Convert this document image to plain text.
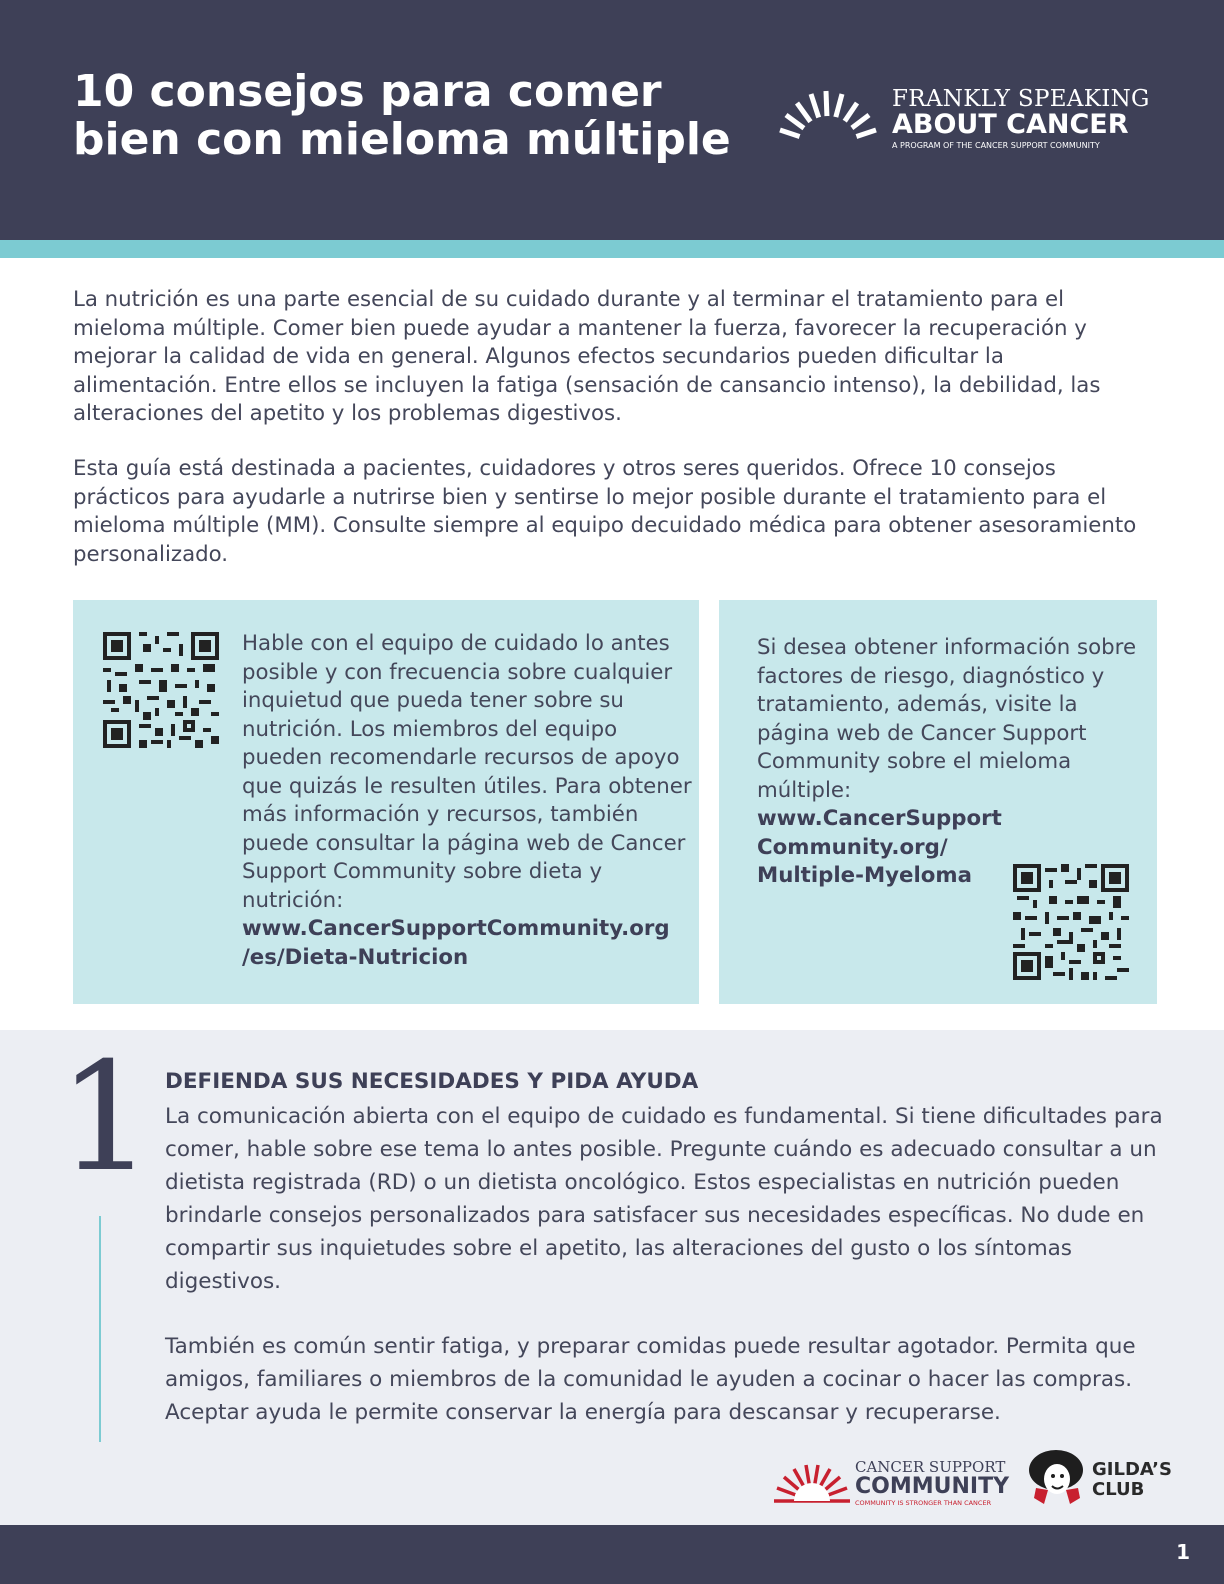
10 consejos para comer
bien con mieloma múltiple
FRANKLY SPEAKING
ABOUT CANCER
A PROGRAM OF THE CANCER SUPPORT COMMUNITY

La nutrición es una parte esencial de su cuidado durante y al terminar el tratamiento para el mieloma múltiple. Comer bien puede ayudar a mantener la fuerza, favorecer la recuperación y mejorar la calidad de vida en general. Algunos efectos secundarios pueden dificultar la alimentación. Entre ellos se incluyen la fatiga (sensación de cansancio intenso), la debilidad, las alteraciones del apetito y los problemas digestivos.

Esta guía está destinada a pacientes, cuidadores y otros seres queridos. Ofrece 10 consejos prácticos para ayudarle a nutrirse bien y sentirse lo mejor posible durante el tratamiento para el mieloma múltiple (MM). Consulte siempre al equipo decuidado médica para obtener asesoramiento personalizado.

Hable con el equipo de cuidado lo antes posible y con frecuencia sobre cualquier inquietud que pueda tener sobre su nutrición. Los miembros del equipo pueden recomendarle recursos de apoyo que quizás le resulten útiles. Para obtener más información y recursos, también puede consultar la página web de Cancer Support Community sobre dieta y nutrición:
www.CancerSupportCommunity.org
/es/Dieta-Nutricion

Si desea obtener información sobre factores de riesgo, diagnóstico y tratamiento, además, visite la página web de Cancer Support Community sobre el mieloma múltiple:
www.CancerSupport
Community.org/
Multiple-Myeloma

1 DEFIENDA SUS NECESIDADES Y PIDA AYUDA

La comunicación abierta con el equipo de cuidado es fundamental. Si tiene dificultades para comer, hable sobre ese tema lo antes posible. Pregunte cuándo es adecuado consultar a un dietista registrada (RD) o un dietista oncológico. Estos especialistas en nutrición pueden brindarle consejos personalizados para satisfacer sus necesidades específicas. No dude en compartir sus inquietudes sobre el apetito, las alteraciones del gusto o los síntomas digestivos.

También es común sentir fatiga, y preparar comidas puede resultar agotador. Permita que amigos, familiares o miembros de la comunidad le ayuden a cocinar o hacer las compras. Aceptar ayuda le permite conservar la energía para descansar y recuperarse.

CANCER SUPPORT
COMMUNITY
COMMUNITY IS STRONGER THAN CANCER
GILDA’S
CLUB
1
